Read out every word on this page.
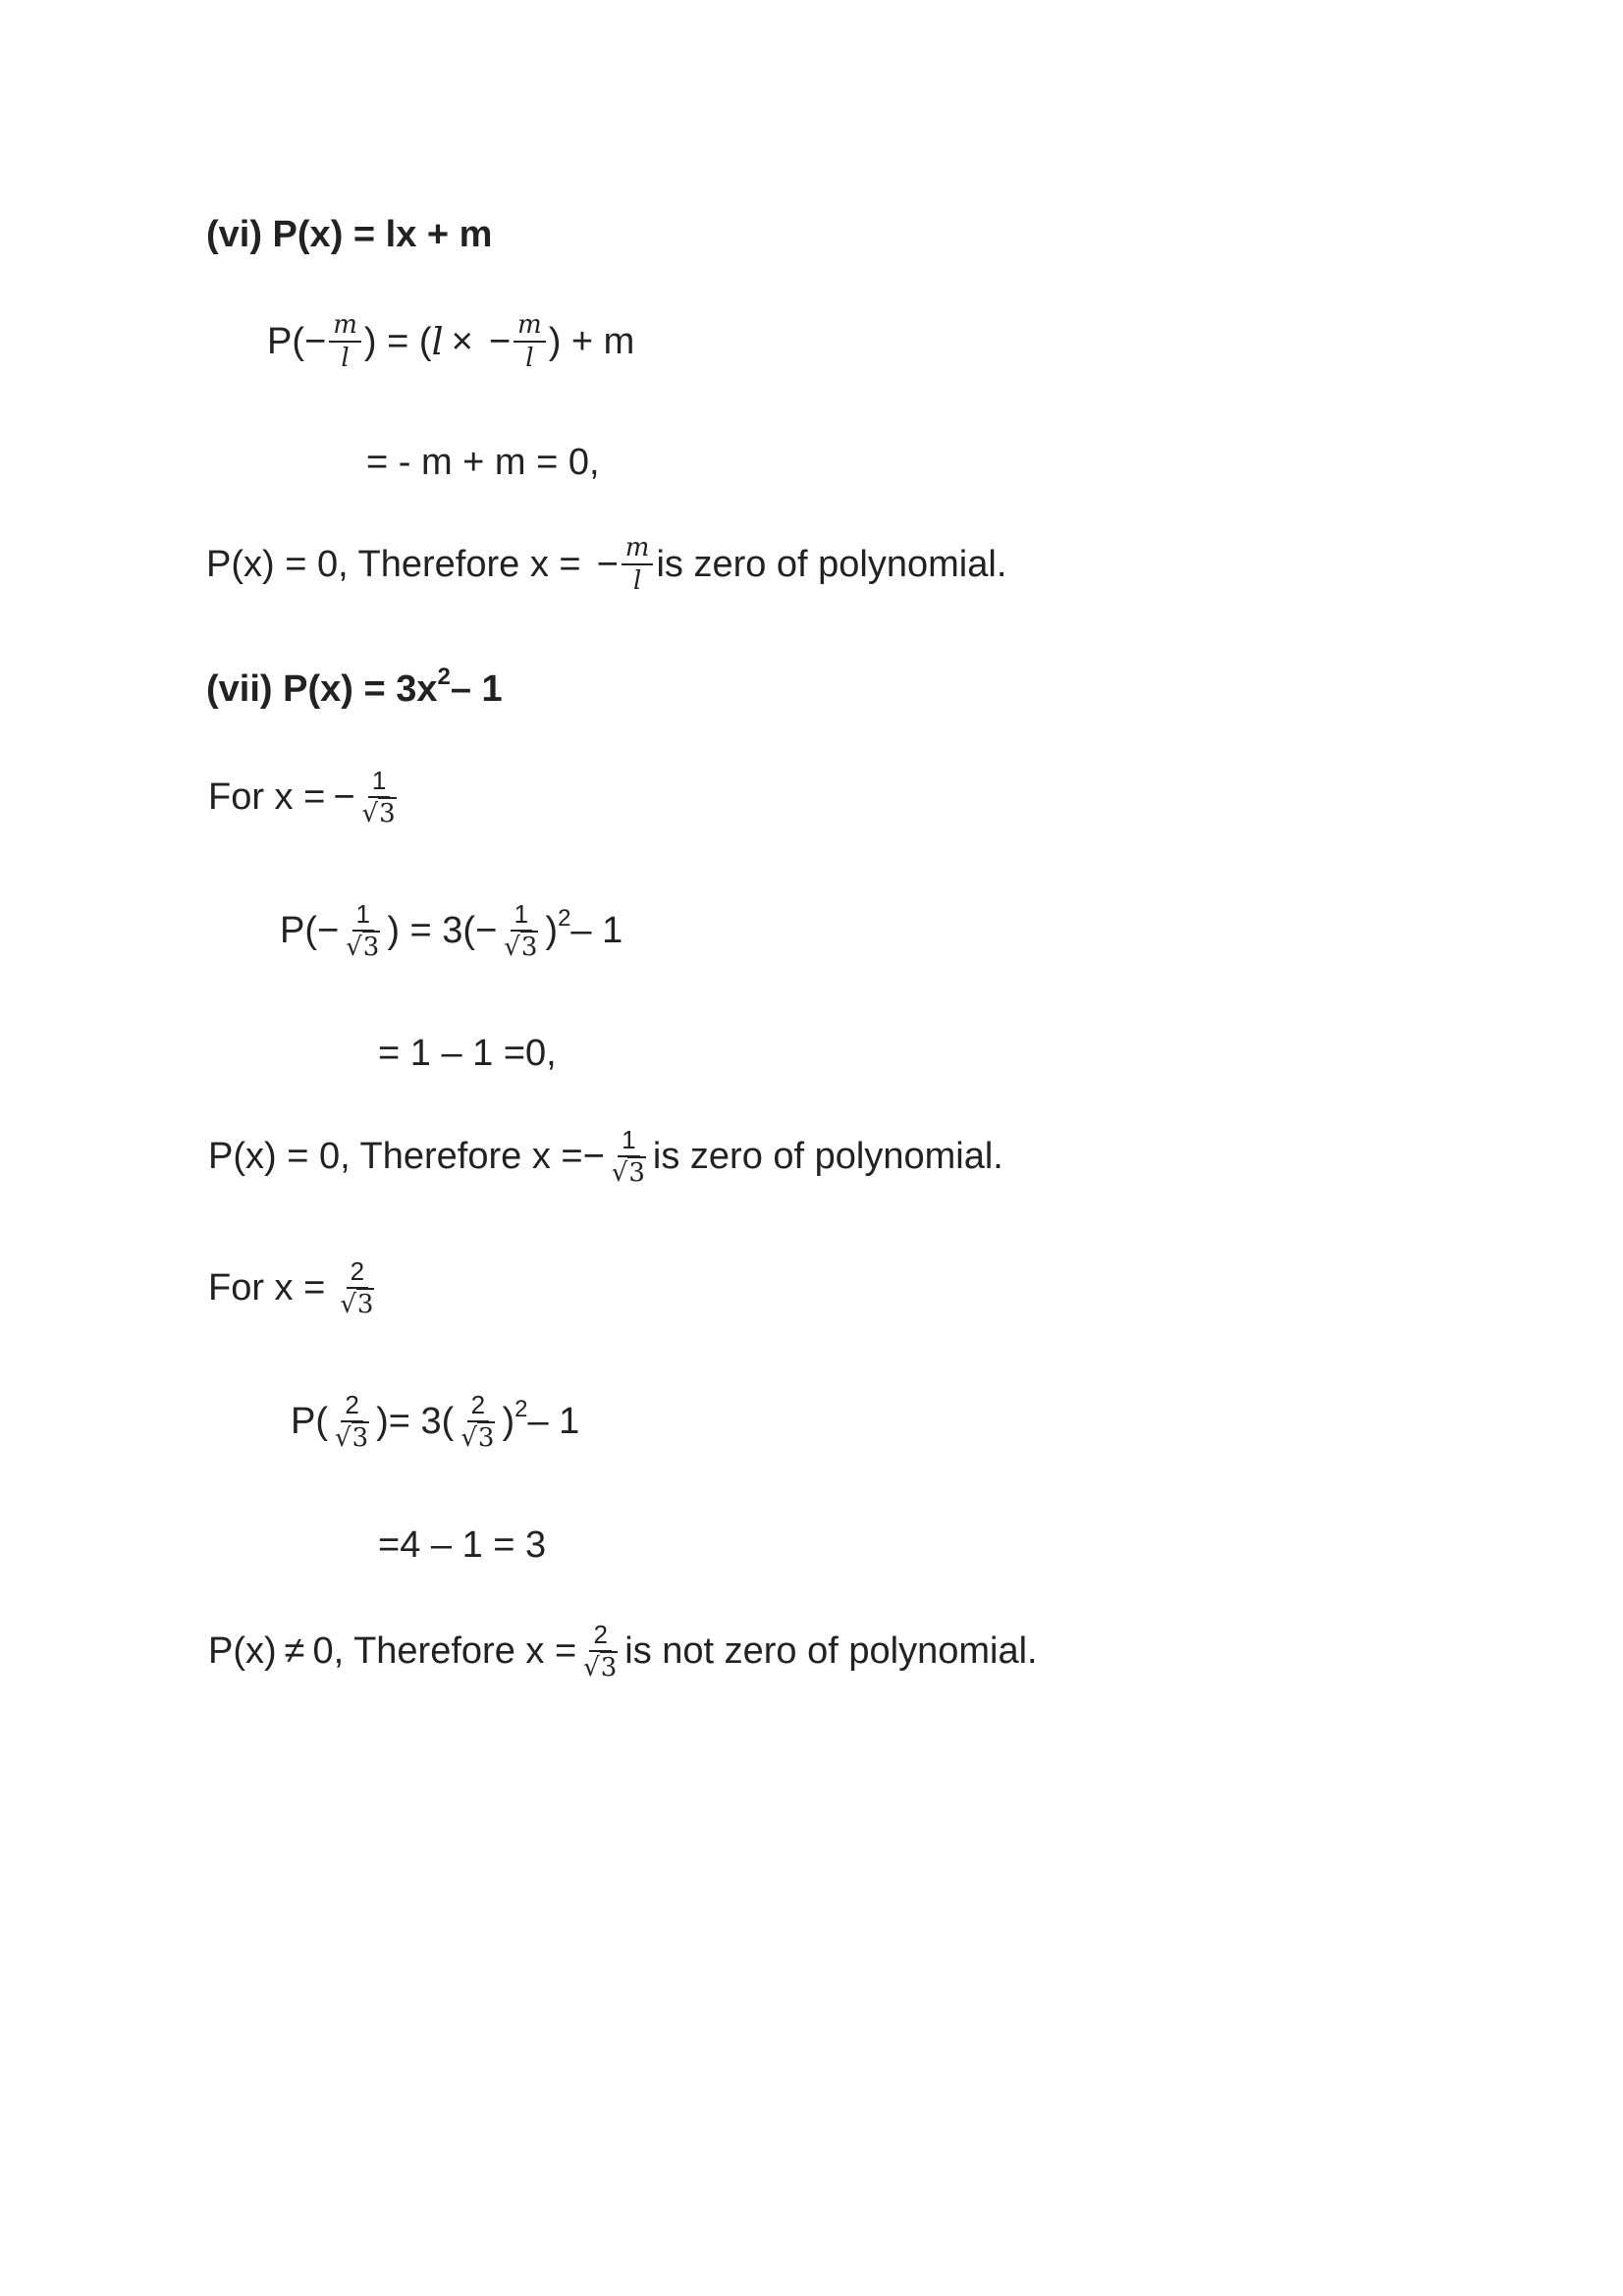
(vi) P(x) = lx + m
$P( - \frac{m}{l}$ ) = ( l × − $\frac{m}{l}$ ) + m
= - m + m = 0,
P(x) = 0, Therefore x = − $\frac{m}{l}$ is zero of polynomial.
(vii) $P(x) = 3x^2 - 1$
For x = − $\frac{1}{√3}$
$P( - \frac{1}{√3}$ ) = $3( - \frac{1}{√3} )^2 - 1$
= 1 – 1 =0,
P(x) = 0, Therefore x = − $\frac{1}{√3}$ is zero of polynomial.
For $x = \frac{2}{√3}$
$P( \frac{2}{√3}$ )= $3( \frac{2}{√3} )^2 - 1$
=4 – 1 = 3
P(x) ≠ 0, Therefore $x = \frac{2}{√3}$ is not zero of polynomial.
